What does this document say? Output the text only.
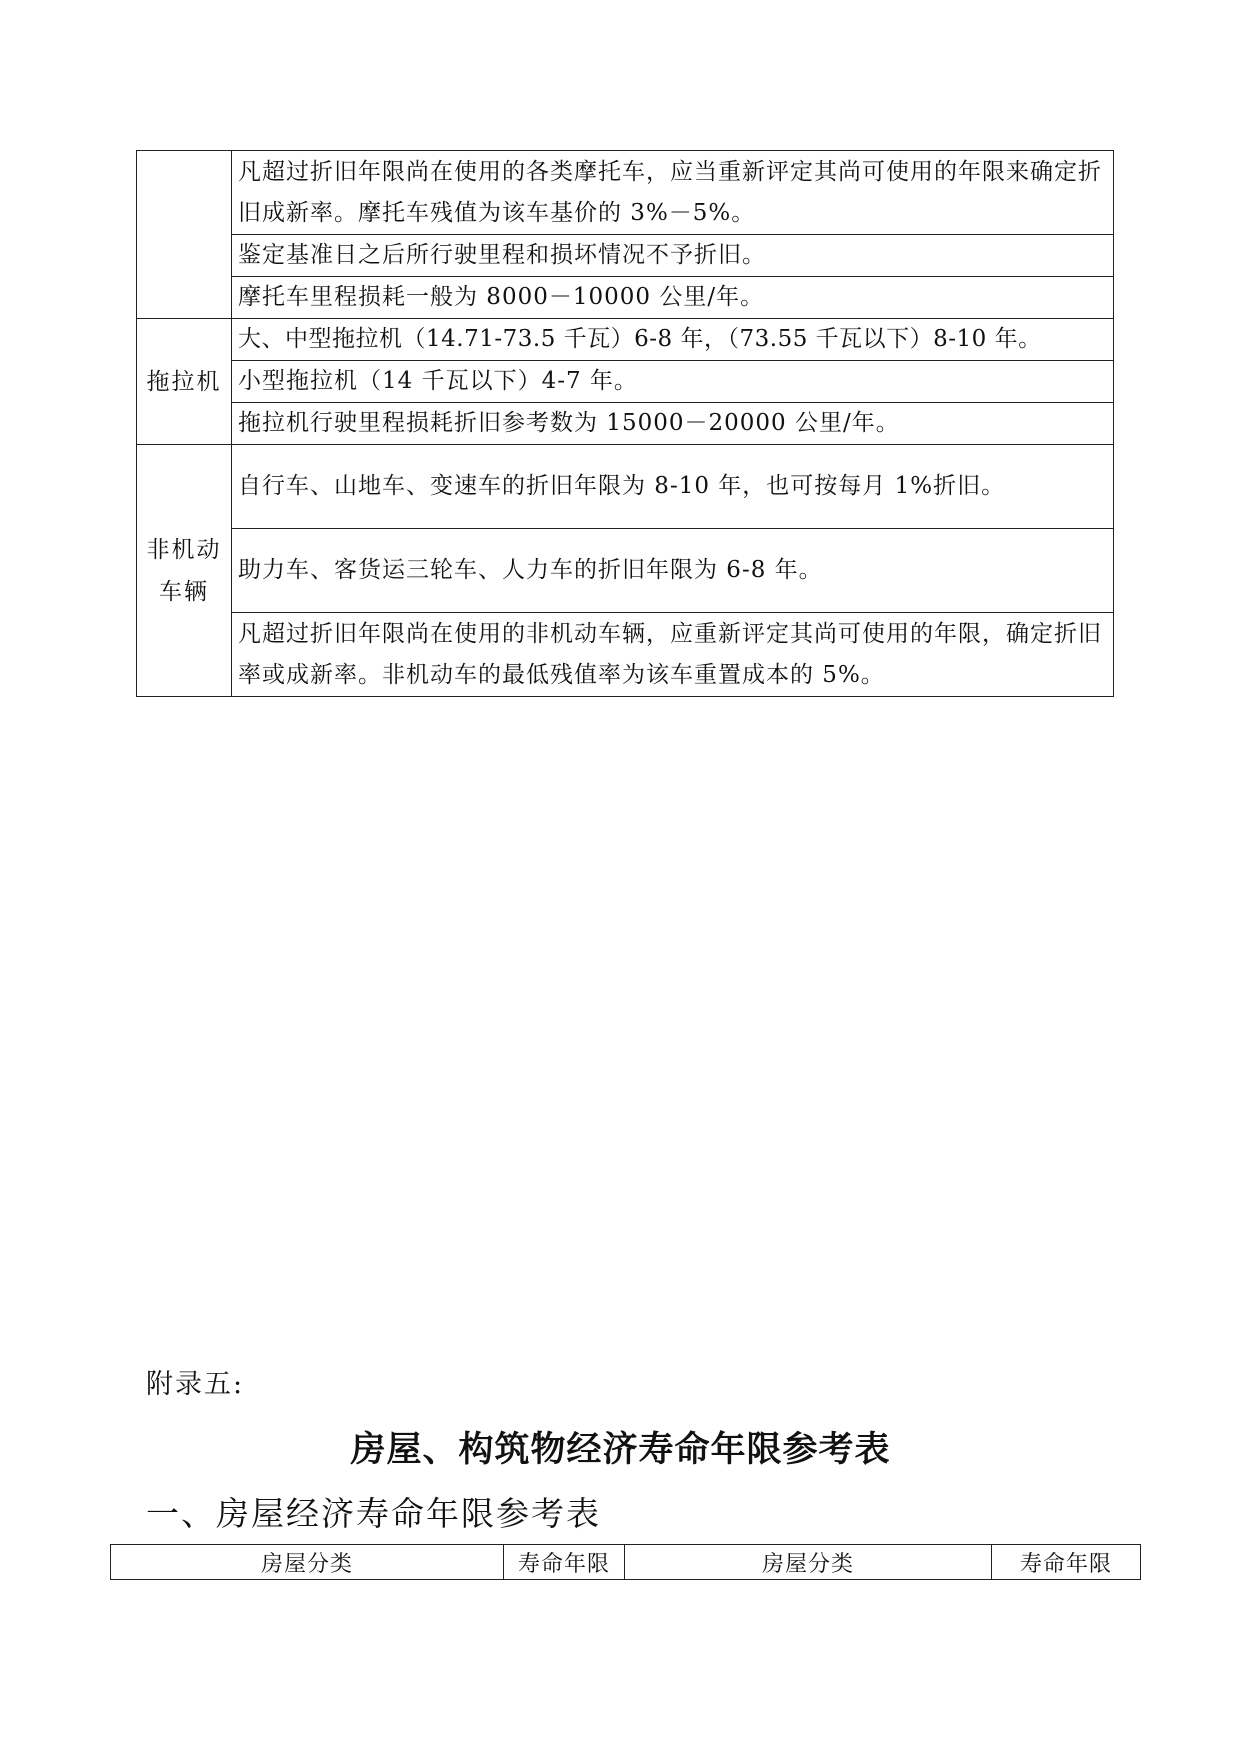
	凡超过折旧年限尚在使用的各类摩托车，应当重新评定其尚可使用的年限来确定折旧成新率。摩托车残值为该车基价的 3%－5%。
	鉴定基准日之后所行驶里程和损坏情况不予折旧。
	摩托车里程损耗一般为 8000－10000 公里/年。
拖拉机	大、中型拖拉机（14.71-73.5 千瓦）6-8 年，（73.55 千瓦以下）8-10 年。
	小型拖拉机（14 千瓦以下）4-7 年。
	拖拉机行驶里程损耗折旧参考数为 15000－20000 公里/年。

非机动
车辆	自行车、山地车、变速车的折旧年限为 8-10 年，也可按每月 1%折旧。
	助力车、客货运三轮车、人力车的折旧年限为 6-8 年。
	凡超过折旧年限尚在使用的非机动车辆，应重新评定其尚可使用的年限，确定折旧率或成新率。非机动车的最低残值率为该车重置成本的 5%。
附录五:
房屋、构筑物经济寿命年限参考表
一、房屋经济寿命年限参考表
房屋分类	寿命年限	房屋分类	寿命年限
